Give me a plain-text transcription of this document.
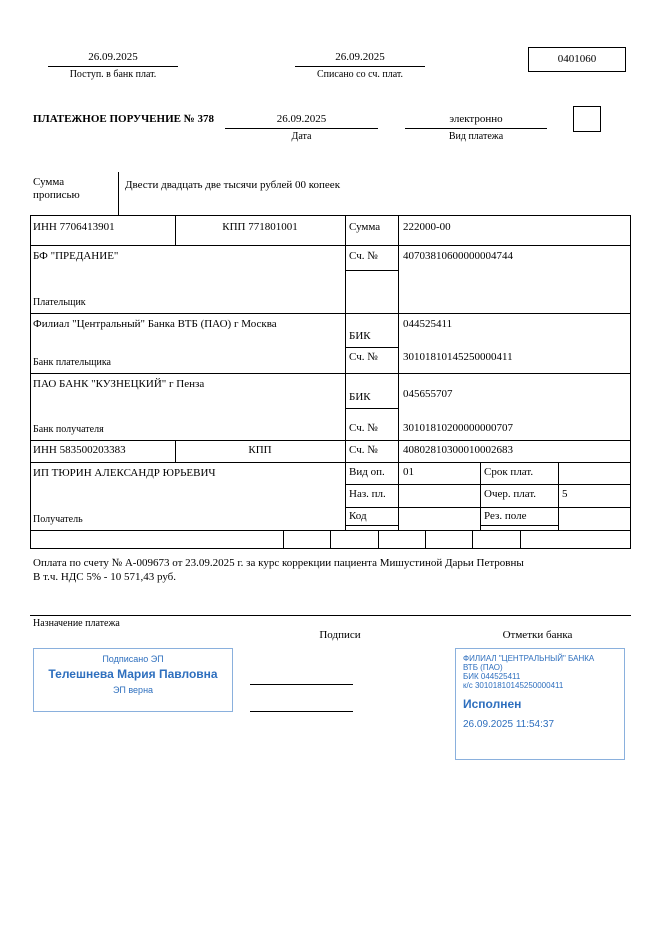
26.09.2025
Поступ. в банк плат.
26.09.2025
Списано со сч. плат.
0401060
ПЛАТЕЖНОЕ ПОРУЧЕНИЕ № 378	26.09.2025
Дата
электронно
Вид платежа
Сумма
прописью
Двести двадцать две тысячи рублей 00 копеек
ИНН 7706413901	КПП 771801001	Сумма 222000-00
БФ "ПРЕДАНИЕ"
Плательщик
Сч. № 40703810600000004744
Филиал "Центральный" Банка ВТБ (ПАО) г Москва
Банк плательщика
БИК
044525411
Сч. № 30101810145250000411
ПАО БАНК "КУЗНЕЦКИЙ" г Пенза
Банк получателя
БИК	045655707
Сч. № 30101810200000000707
ИНН 583500203383	КПП	Сч. № 40802810300010002683
ИП ТЮРИН АЛЕКСАНДР ЮРЬЕВИЧ
Получатель
Вид оп. 01	Срок плат.
Наз. пл.	Очер. плат. 5
Код	Рез. поле
Оплата по счету № А-009673 от 23.09.2025 г. за курс коррекции пациента Мишустиной Дарьи Петровны
В т.ч. НДС 5% - 10 571,43 руб.
Назначение платежа
Подписи	Отметки банка
Подписано ЭП
Телешнева Мария Павловна
ЭП верна
ФИЛИАЛ "ЦЕНТРАЛЬНЫЙ" БАНКА
ВТБ (ПАО)
БИК 044525411
к/с 30101810145250000411
Исполнен
26.09.2025 11:54:37
